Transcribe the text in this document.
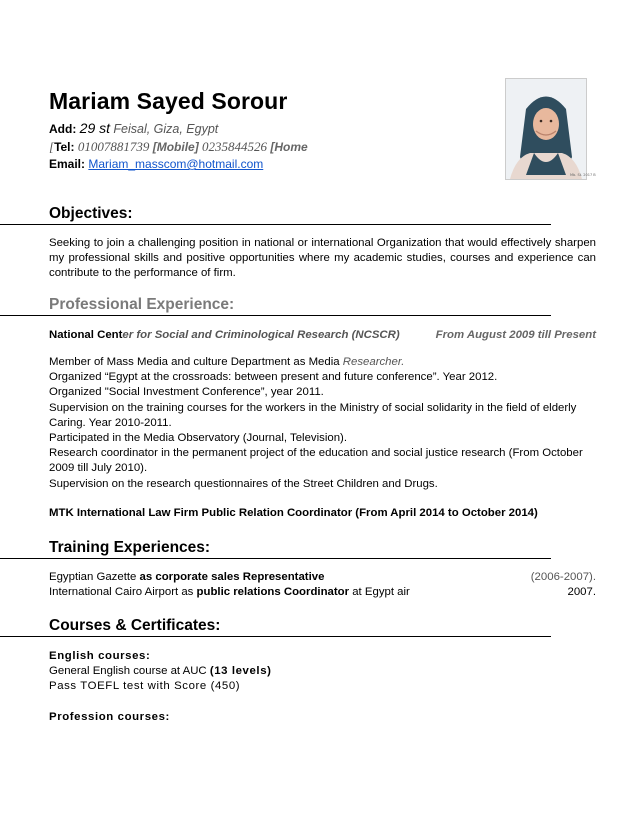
Mariam Sayed Sorour
Add: 29 st Feisal, Giza, Egypt
[Tel: 01007881739 [Mobile] 0235844526 [Home
Email: Mariam_masscom@hotmail.com
Mb. St. 2017 B
Objectives:
Seeking to join a challenging position in national or international Organization that would effectively sharpen my professional skills and positive opportunities where my academic studies, courses and experience can contribute to the performance of firm.
Professional Experience:
National Center for Social and Criminological Research (NCSCR)	From August 2009 till Present
Member of Mass Media and culture Department as Media Researcher.
Organized “Egypt at the crossroads: between present and future conference”. Year 2012.
Organized "Social Investment Conference”, year 2011.
Supervision on the training courses for the workers in the Ministry of social solidarity in the field of elderly
Caring. Year 2010-2011.
Participated in the Media Observatory (Journal, Television).
Research coordinator in the permanent project of the education and social justice research (From October
2009 till July 2010).
Supervision on the research questionnaires of the Street Children and Drugs.
MTK International Law Firm Public Relation Coordinator (From April 2014 to October 2014)
Training Experiences:
Egyptian Gazette as corporate sales Representative	(2006-2007).
International Cairo Airport as public relations Coordinator at Egypt air	2007.
Courses & Certificates:
English courses:
General English course at AUC (13 levels)
Pass TOEFL test with Score (450)
Profession courses:
